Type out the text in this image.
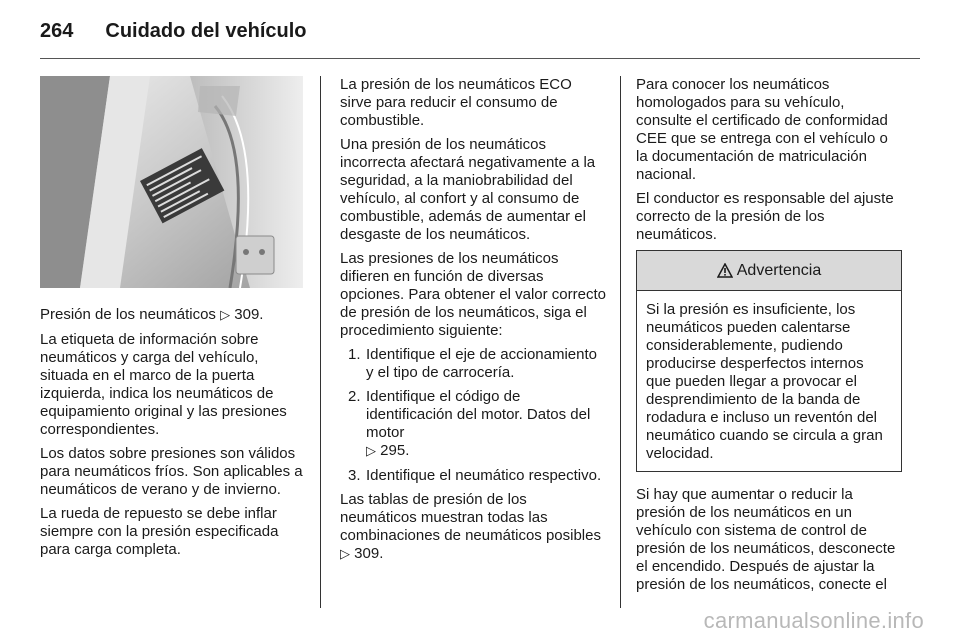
264 Cuidado del vehículo

Presión de los neumáticos ▷ 309.

La etiqueta de información sobre neumáticos y carga del vehículo, situada en el marco de la puerta izquierda, indica los neumáticos de equipamiento original y las presiones correspondientes.

Los datos sobre presiones son válidos para neumáticos fríos. Son aplicables a neumáticos de verano y de invierno.

La rueda de repuesto se debe inflar siempre con la presión especificada para carga completa.

La presión de los neumáticos ECO sirve para reducir el consumo de combustible.

Una presión de los neumáticos incorrecta afectará negativamente a la seguridad, a la maniobrabilidad del vehículo, al confort y al consumo de combustible, además de aumentar el desgaste de los neumáticos.

Las presiones de los neumáticos difieren en función de diversas opciones. Para obtener el valor correcto de presión de los neumáticos, siga el procedimiento siguiente:

1. Identifique el eje de accionamiento y el tipo de carrocería.
2. Identifique el código de identificación del motor. Datos del motor
▷ 295.
3. Identifique el neumático respectivo.

Las tablas de presión de los neumáticos muestran todas las combinaciones de neumáticos posibles ▷ 309.

Para conocer los neumáticos homologados para su vehículo, consulte el certificado de conformidad CEE que se entrega con el vehículo o la documentación de matriculación nacional.

El conductor es responsable del ajuste correcto de la presión de los neumáticos.

Advertencia
Si la presión es insuficiente, los neumáticos pueden calentarse considerablemente, pudiendo producirse desperfectos internos que pueden llegar a provocar el desprendimiento de la banda de rodadura e incluso un reventón del neumático cuando se circula a gran velocidad.

Si hay que aumentar o reducir la presión de los neumáticos en un vehículo con sistema de control de presión de los neumáticos, desconecte el encendido. Después de ajustar la presión de los neumáticos, conecte el

carmanualsonline.info
